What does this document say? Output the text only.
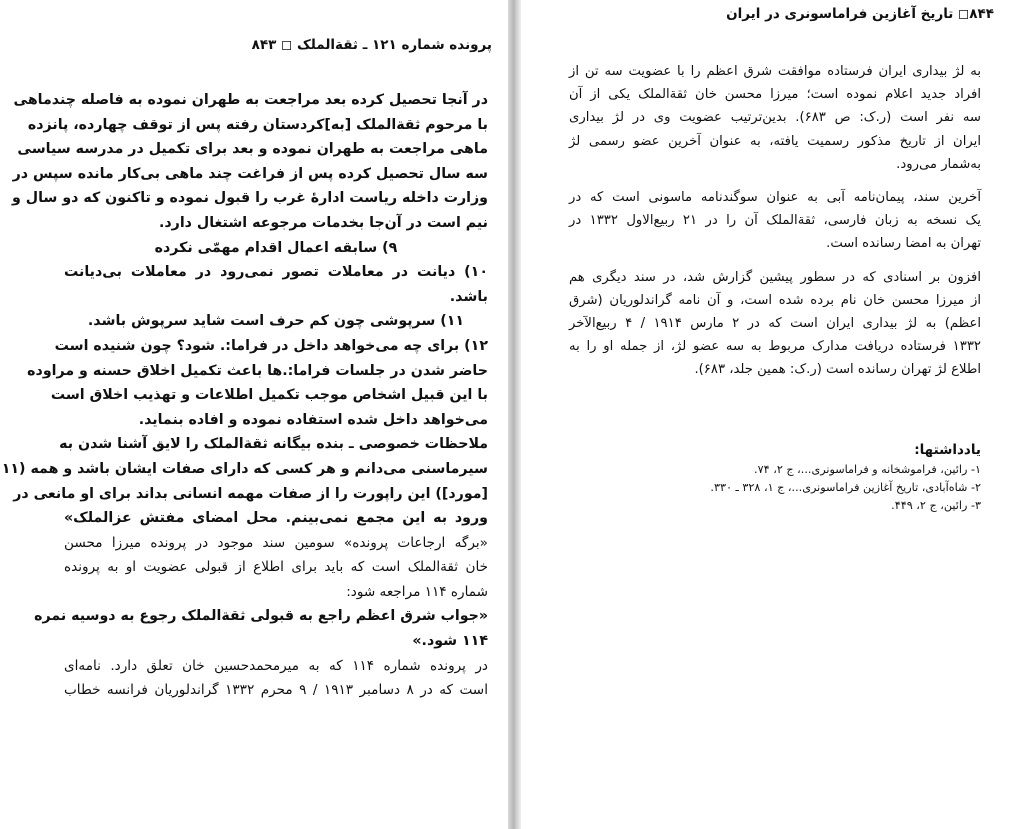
پرونده شماره ۱۲۱ ـ ثقةالملک ◻ ۸۴۳
در آنجا تحصیل کرده بعد مراجعت به طهران نموده به فاصله چندماهی
با مرحوم ثقةالملک [به]کردستان رفته پس از توقف چهارده، پانزده
ماهی مراجعت به طهران نموده و بعد برای تکمیل در مدرسه سیاسی
سه سال تحصیل کرده پس از فراغت چند ماهی بی‌کار مانده سپس در
وزارت داخله ریاست ادارهٔ غرب را قبول نموده و تاکنون که دو سال و
نیم است در آن‌جا بخدمات مرجوعه اشتغال دارد.
۹) سابقه اعمال اقدام مهمّی نکرده
۱۰) دیانت در معاملات تصور نمی‌رود در معاملات بی‌دیانت
باشد.
۱۱) سرپوشی چون کم حرف است شاید سرپوش باشد.
۱۲) برای چه می‌خواهد داخل در فراما:. شود؟ چون شنیده است
حاضر شدن در جلسات فراما:.ها باعث تکمیل اخلاق حسنه و مراوده
با این قبیل اشخاص موجب تکمیل اطلاعات و تهذیب اخلاق است
می‌خواهد داخل شده استفاده نموده و افاده بنماید.
ملاحظات خصوصی ـ بنده بیگانه ثقةالملک را لایق آشنا شدن به
سیرماسنی می‌دانم و هر کسی که دارای صفات ایشان باشد و همه (۱۱
[مورد]) این راپورت را از صفات مهمه انسانی بداند برای او مانعی در
ورود به این مجمع نمی‌بینم. محل امضای مفتش عزالملک»
«برگه ارجاعات پرونده» سومین سند موجود در پرونده میرزا محسن
خان ثقةالملک است که باید برای اطلاع از قبولی عضویت او به پرونده
شماره ۱۱۴ مراجعه شود:
«جواب شرق اعظم راجع به قبولی ثقةالملک رجوع به دوسیه نمره
۱۱۴ شود.»
در پرونده شماره ۱۱۴ که به میرمحمدحسین خان تعلق دارد. نامه‌ای
است که در ۸ دسامبر ۱۹۱۳ / ۹ محرم ۱۳۳۲ گراندلوریان فرانسه خطاب
۸۴۴◻ تاریخ آغازین فراماسونری در ایران
به لژ بیداری ایران فرستاده موافقت شرق اعظم را با عضویت سه تن از
افراد جدید اعلام نموده است؛ میرزا محسن خان ثقةالملک یکی از آن
سه نفر است (ر.ک: ص ۶۸۳). بدین‌ترتیب عضویت وی در لژ بیداری
ایران از تاریخ مذکور رسمیت یافته، به عنوان آخرین عضو رسمی لژ
به‌شمار می‌رود.
آخرین سند، پیمان‌نامه آبی به عنوان سوگندنامه ماسونی است که در
یک نسخه به زبان فارسی، ثقةالملک آن را در ۲۱ ربیع‌الاول ۱۳۳۲ در
تهران به امضا رسانده است.
افزون بر اسنادی که در سطور پیشین گزارش شد، در سند دیگری هم
از میرزا محسن خان نام برده شده است، و آن نامه گراندلوریان (شرق
اعظم) به لژ بیداری ایران است که در ۲ مارس ۱۹۱۴ / ۴ ربیع‌الآخر
۱۳۳۲ فرستاده دریافت مدارک مربوط به سه عضو لژ، از جمله او را به
اطلاع لژ تهران رسانده است (ر.ک: همین جلد، ۶۸۳).
یادداشتها:
۱- رائین، فراموشخانه و فراماسونری...، ج ۲، ۷۴.
۲- شاه‌آبادی، تاریخ آغازین فراماسونری...، ج ۱، ۳۲۸ ـ ۳۳۰.
۳- رائین، ج ۲، ۴۴۹.
